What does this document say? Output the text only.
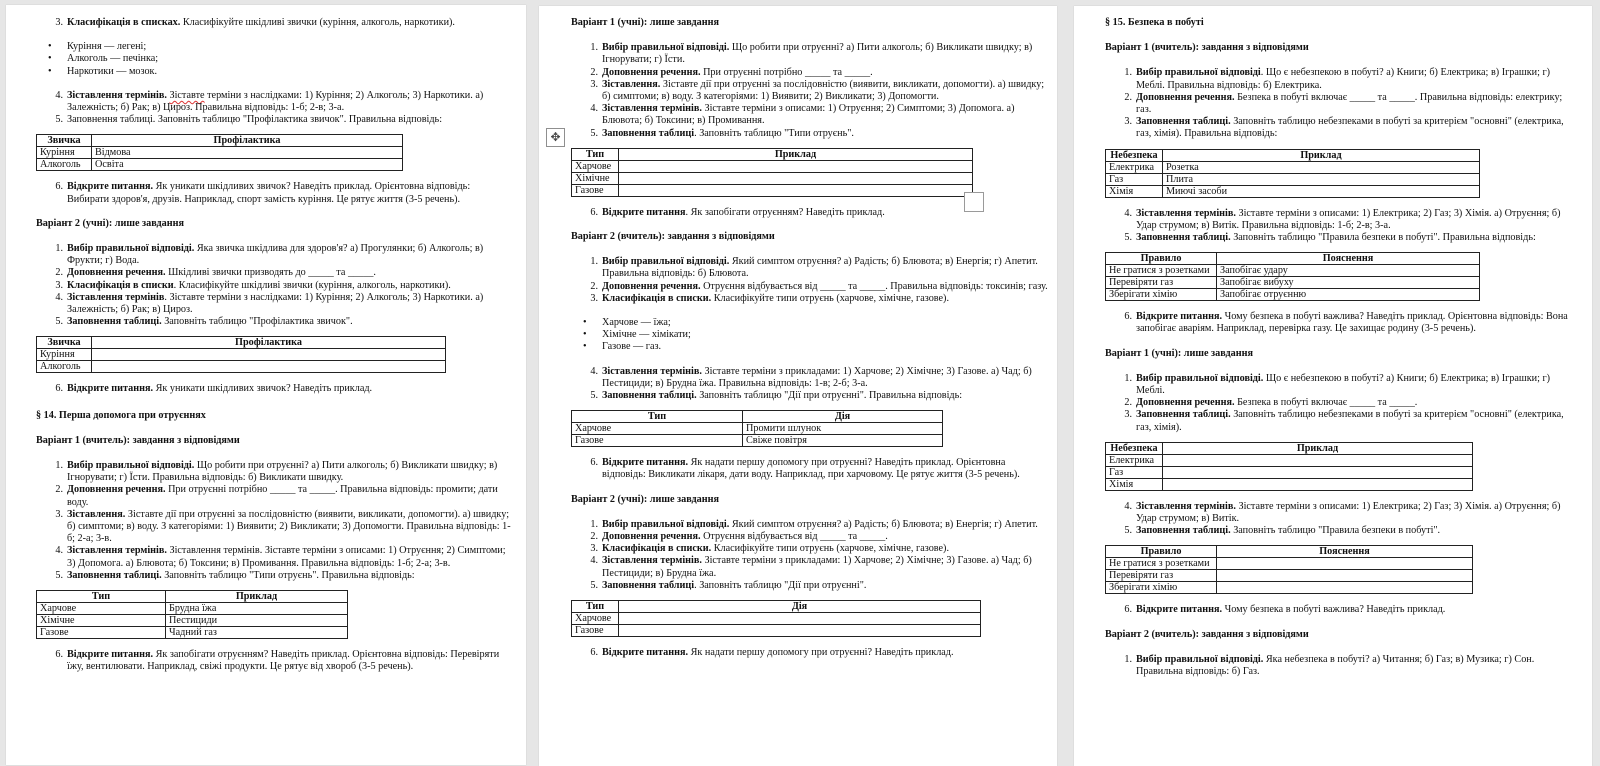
3. Класифікація в списках. Класифікуйте шкідливі звички (куріння, алкоголь, наркотики).
• Куріння — легені;
• Алкоголь — печінка;
• Наркотики — мозок.
4. Зіставлення термінів. Зіставте терміни з наслідками: 1) Куріння; 2) Алкоголь; 3) Наркотики. а) Залежність; б) Рак; в) Цироз. Правильна відповідь: 1-б; 2-в; 3-а.
5. Заповнення таблиці. Заповніть таблицю "Профілактика звичок". Правильна відповідь:
Звичка	Профілактика
Куріння	Відмова
Алкоголь	Освіта
6. Відкрите питання. Як уникати шкідливих звичок? Наведіть приклад. Орієнтовна відповідь: Вибирати здоров'я, друзів. Наприклад, спорт замість куріння. Це рятує життя (3-5 речень).
Варіант 2 (учні): лише завдання
1. Вибір правильної відповіді. Яка звичка шкідлива для здоров'я? а) Прогулянки; б) Алкоголь; в) Фрукти; г) Вода.
2. Доповнення речення. Шкідливі звички призводять до _____ та _____.
3. Класифікація в списки. Класифікуйте шкідливі звички (куріння, алкоголь, наркотики).
4. Зіставлення термінів. Зіставте терміни з наслідками: 1) Куріння; 2) Алкоголь; 3) Наркотики. а) Залежність; б) Рак; в) Цироз.
5. Заповнення таблиці. Заповніть таблицю "Профілактика звичок".
Звичка	Профілактика
Куріння	
Алкоголь	
6. Відкрите питання. Як уникати шкідливих звичок? Наведіть приклад.
§ 14. Перша допомога при отруєннях
Варіант 1 (вчитель): завдання з відповідями
1. Вибір правильної відповіді. Що робити при отруєнні? а) Пити алкоголь; б) Викликати швидку; в) Ігнорувати; г) Їсти. Правильна відповідь: б) Викликати швидку.
2. Доповнення речення. При отруєнні потрібно _____ та _____. Правильна відповідь: промити; дати воду.
3. Зіставлення. Зіставте дії при отруєнні за послідовністю (виявити, викликати, допомогти). а) швидку; б) симптоми; в) воду. З категоріями: 1) Виявити; 2) Викликати; 3) Допомогти. Правильна відповідь: 1-б; 2-а; 3-в.
4. Зіставлення термінів. Зіставлення термінів. Зіставте терміни з описами: 1) Отруєння; 2) Симптоми; 3) Допомога. а) Блювота; б) Токсини; в) Промивання. Правильна відповідь: 1-б; 2-а; 3-в.
5. Заповнення таблиці. Заповніть таблицю "Типи отруєнь". Правильна відповідь:
Тип	Приклад
Харчове	Брудна їжа
Хімічне	Пестициди
Газове	Чадний газ
6. Відкрите питання. Як запобігати отруєнням? Наведіть приклад. Орієнтовна відповідь: Перевіряти їжу, вентилювати. Наприклад, свіжі продукти. Це рятує від хвороб (3-5 речень).
Варіант 1 (учні): лише завдання
1. Вибір правильної відповіді. Що робити при отруєнні? а) Пити алкоголь; б) Викликати швидку; в) Ігнорувати; г) Їсти.
2. Доповнення речення. При отруєнні потрібно _____ та _____.
3. Зіставлення. Зіставте дії при отруєнні за послідовністю (виявити, викликати, допомогти). а) швидку; б) симптоми; в) воду. З категоріями: 1) Виявити; 2) Викликати; 3) Допомогти.
4. Зіставлення термінів. Зіставте терміни з описами: 1) Отруєння; 2) Симптоми; 3) Допомога. а) Блювота; б) Токсини; в) Промивання.
5. Заповнення таблиці. Заповніть таблицю "Типи отруєнь".
✥
Тип	Приклад
Харчове	
Хімічне	
Газове	
6. Відкрите питання. Як запобігати отруєнням? Наведіть приклад.
Варіант 2 (вчитель): завдання з відповідями
1. Вибір правильної відповіді. Який симптом отруєння? а) Радість; б) Блювота; в) Енергія; г) Апетит. Правильна відповідь: б) Блювота.
2. Доповнення речення. Отруєння відбувається від _____ та _____. Правильна відповідь: токсинів; газу.
3. Класифікація в списки. Класифікуйте типи отруєнь (харчове, хімічне, газове).
• Харчове — їжа;
• Хімічне — хімікати;
• Газове — газ.
4. Зіставлення термінів. Зіставте терміни з прикладами: 1) Харчове; 2) Хімічне; 3) Газове. а) Чад; б) Пестициди; в) Брудна їжа. Правильна відповідь: 1-в; 2-б; 3-а.
5. Заповнення таблиці. Заповніть таблицю "Дії при отруєнні". Правильна відповідь:
Тип	Дія
Харчове	Промити шлунок
Газове	Свіже повітря
6. Відкрите питання. Як надати першу допомогу при отруєнні? Наведіть приклад. Орієнтовна відповідь: Викликати лікаря, дати воду. Наприклад, при харчовому. Це рятує життя (3-5 речень).
Варіант 2 (учні): лише завдання
1. Вибір правильної відповіді. Який симптом отруєння? а) Радість; б) Блювота; в) Енергія; г) Апетит.
2. Доповнення речення. Отруєння відбувається від _____ та _____.
3. Класифікація в списки. Класифікуйте типи отруєнь (харчове, хімічне, газове).
4. Зіставлення термінів. Зіставте терміни з прикладами: 1) Харчове; 2) Хімічне; 3) Газове. а) Чад; б) Пестициди; в) Брудна їжа.
5. Заповнення таблиці. Заповніть таблицю "Дії при отруєнні".
Тип	Дія
Харчове	
Газове	
6. Відкрите питання. Як надати першу допомогу при отруєнні? Наведіть приклад.
§ 15. Безпека в побуті
Варіант 1 (вчитель): завдання з відповідями
1. Вибір правильної відповіді. Що є небезпекою в побуті? а) Книги; б) Електрика; в) Іграшки; г) Меблі. Правильна відповідь: б) Електрика.
2. Доповнення речення. Безпека в побуті включає _____ та _____. Правильна відповідь: електрику; газ.
3. Заповнення таблиці. Заповніть таблицю небезпеками в побуті за критерієм "основні" (електрика, газ, хімія). Правильна відповідь:
Небезпека	Приклад
Електрика	Розетка
Газ	Плита
Хімія	Миючі засоби
4. Зіставлення термінів. Зіставте терміни з описами: 1) Електрика; 2) Газ; 3) Хімія. а) Отруєння; б) Удар струмом; в) Витік. Правильна відповідь: 1-б; 2-в; 3-а.
5. Заповнення таблиці. Заповніть таблицю "Правила безпеки в побуті". Правильна відповідь:
Правило	Пояснення
Не гратися з розетками	Запобігає удару
Перевіряти газ	Запобігає вибуху
Зберігати хімію	Запобігає отруєнню
6. Відкрите питання. Чому безпека в побуті важлива? Наведіть приклад. Орієнтовна відповідь: Вона запобігає аваріям. Наприклад, перевірка газу. Це захищає родину (3-5 речень).
Варіант 1 (учні): лише завдання
1. Вибір правильної відповіді. Що є небезпекою в побуті? а) Книги; б) Електрика; в) Іграшки; г) Меблі.
2. Доповнення речення. Безпека в побуті включає _____ та _____.
3. Заповнення таблиці. Заповніть таблицю небезпеками в побуті за критерієм "основні" (електрика, газ, хімія).
Небезпека	Приклад
Електрика	
Газ	
Хімія	
4. Зіставлення термінів. Зіставте терміни з описами: 1) Електрика; 2) Газ; 3) Хімія. а) Отруєння; б) Удар струмом; в) Витік.
5. Заповнення таблиці. Заповніть таблицю "Правила безпеки в побуті".
Правило	Пояснення
Не гратися з розетками	
Перевіряти газ	
Зберігати хімію	
6. Відкрите питання. Чому безпека в побуті важлива? Наведіть приклад.
Варіант 2 (вчитель): завдання з відповідями
1. Вибір правильної відповіді. Яка небезпека в побуті? а) Читання; б) Газ; в) Музика; г) Сон. Правильна відповідь: б) Газ.
